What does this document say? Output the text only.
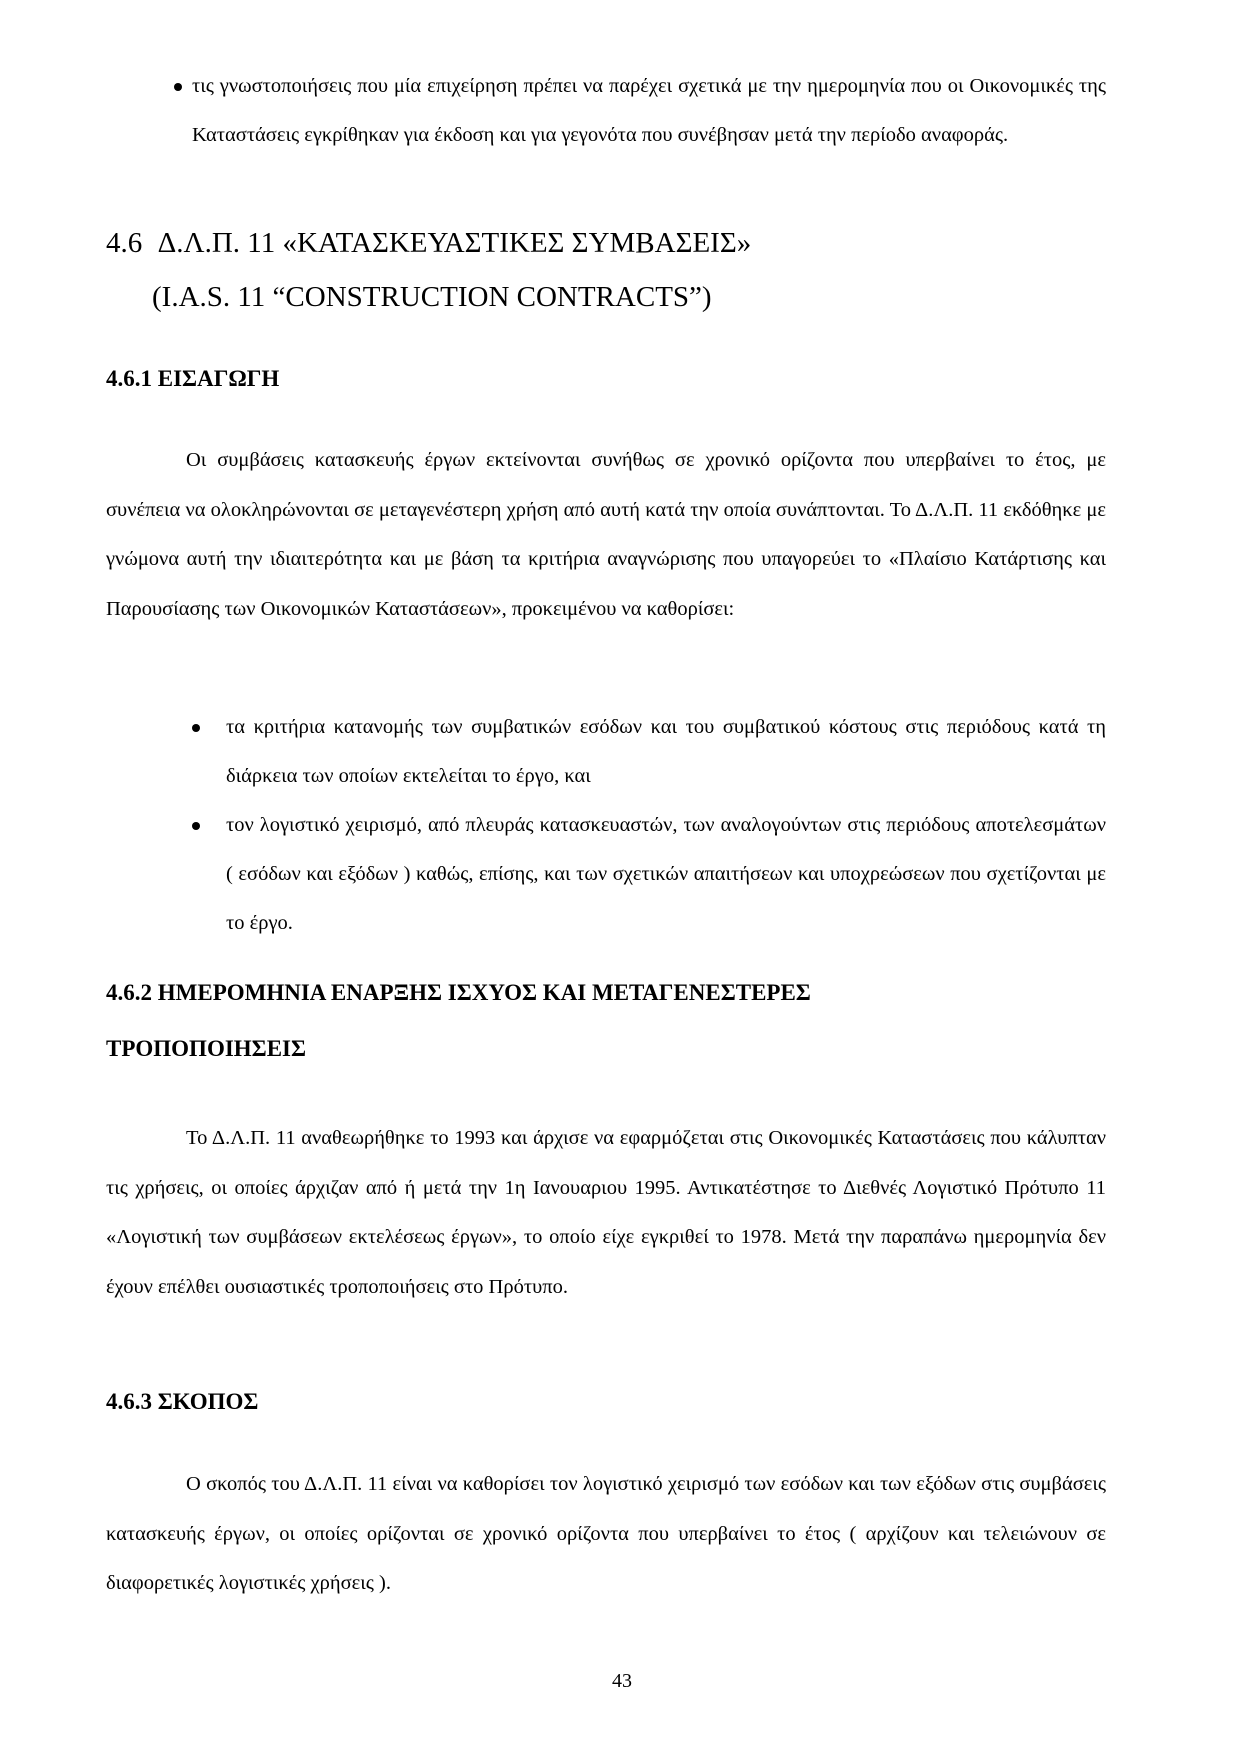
τις γνωστοποιήσεις που μία επιχείρηση πρέπει να παρέχει σχετικά με την ημερομηνία που οι Οικονομικές της Καταστάσεις εγκρίθηκαν για έκδοση και για γεγονότα που συνέβησαν μετά την περίοδο αναφοράς.
4.6 Δ.Λ.Π. 11 «ΚΑΤΑΣΚΕΥΑΣΤΙΚΕΣ ΣΥΜΒΑΣΕΙΣ»
(I.A.S. 11 “CONSTRUCTION CONTRACTS”)
4.6.1 ΕΙΣΑΓΩΓΗ

Οι συμβάσεις κατασκευής έργων εκτείνονται συνήθως σε χρονικό ορίζοντα που υπερβαίνει το έτος, με συνέπεια να ολοκληρώνονται σε μεταγενέστερη χρήση από αυτή κατά την οποία συνάπτονται. Το Δ.Λ.Π. 11 εκδόθηκε με γνώμονα αυτή την ιδιαιτερότητα και με βάση τα κριτήρια αναγνώρισης που υπαγορεύει το «Πλαίσιο Κατάρτισης και Παρουσίασης των Οικονομικών Καταστάσεων», προκειμένου να καθορίσει:

τα κριτήρια κατανομής των συμβατικών εσόδων και του συμβατικού κόστους στις περιόδους κατά τη διάρκεια των οποίων εκτελείται το έργο, και
τον λογιστικό χειρισμό, από πλευράς κατασκευαστών, των αναλογούντων στις περιόδους αποτελεσμάτων ( εσόδων και εξόδων ) καθώς, επίσης, και των σχετικών απαιτήσεων και υποχρεώσεων που σχετίζονται με το έργο.
4.6.2 ΗΜΕΡΟΜΗΝΙΑ ΕΝΑΡΞΗΣ ΙΣΧΥΟΣ ΚΑΙ ΜΕΤΑΓΕΝΕΣΤΕΡΕΣ
ΤΡΟΠΟΠΟΙΗΣΕΙΣ

Το Δ.Λ.Π. 11 αναθεωρήθηκε το 1993 και άρχισε να εφαρμόζεται στις Οικονομικές Καταστάσεις που κάλυπταν τις χρήσεις, οι οποίες άρχιζαν από ή μετά την 1η Ιανουαριου 1995. Αντικατέστησε το Διεθνές Λογιστικό Πρότυπο 11 «Λογιστική των συμβάσεων εκτελέσεως έργων», το οποίο είχε εγκριθεί το 1978. Μετά την παραπάνω ημερομηνία δεν έχουν επέλθει ουσιαστικές τροποποιήσεις στο Πρότυπο.

4.6.3 ΣΚΟΠΟΣ

Ο σκοπός του Δ.Λ.Π. 11 είναι να καθορίσει τον λογιστικό χειρισμό των εσόδων και των εξόδων στις συμβάσεις κατασκευής έργων, οι οποίες ορίζονται σε χρονικό ορίζοντα που υπερβαίνει το έτος ( αρχίζουν και τελειώνουν σε διαφορετικές λογιστικές χρήσεις ).

43
